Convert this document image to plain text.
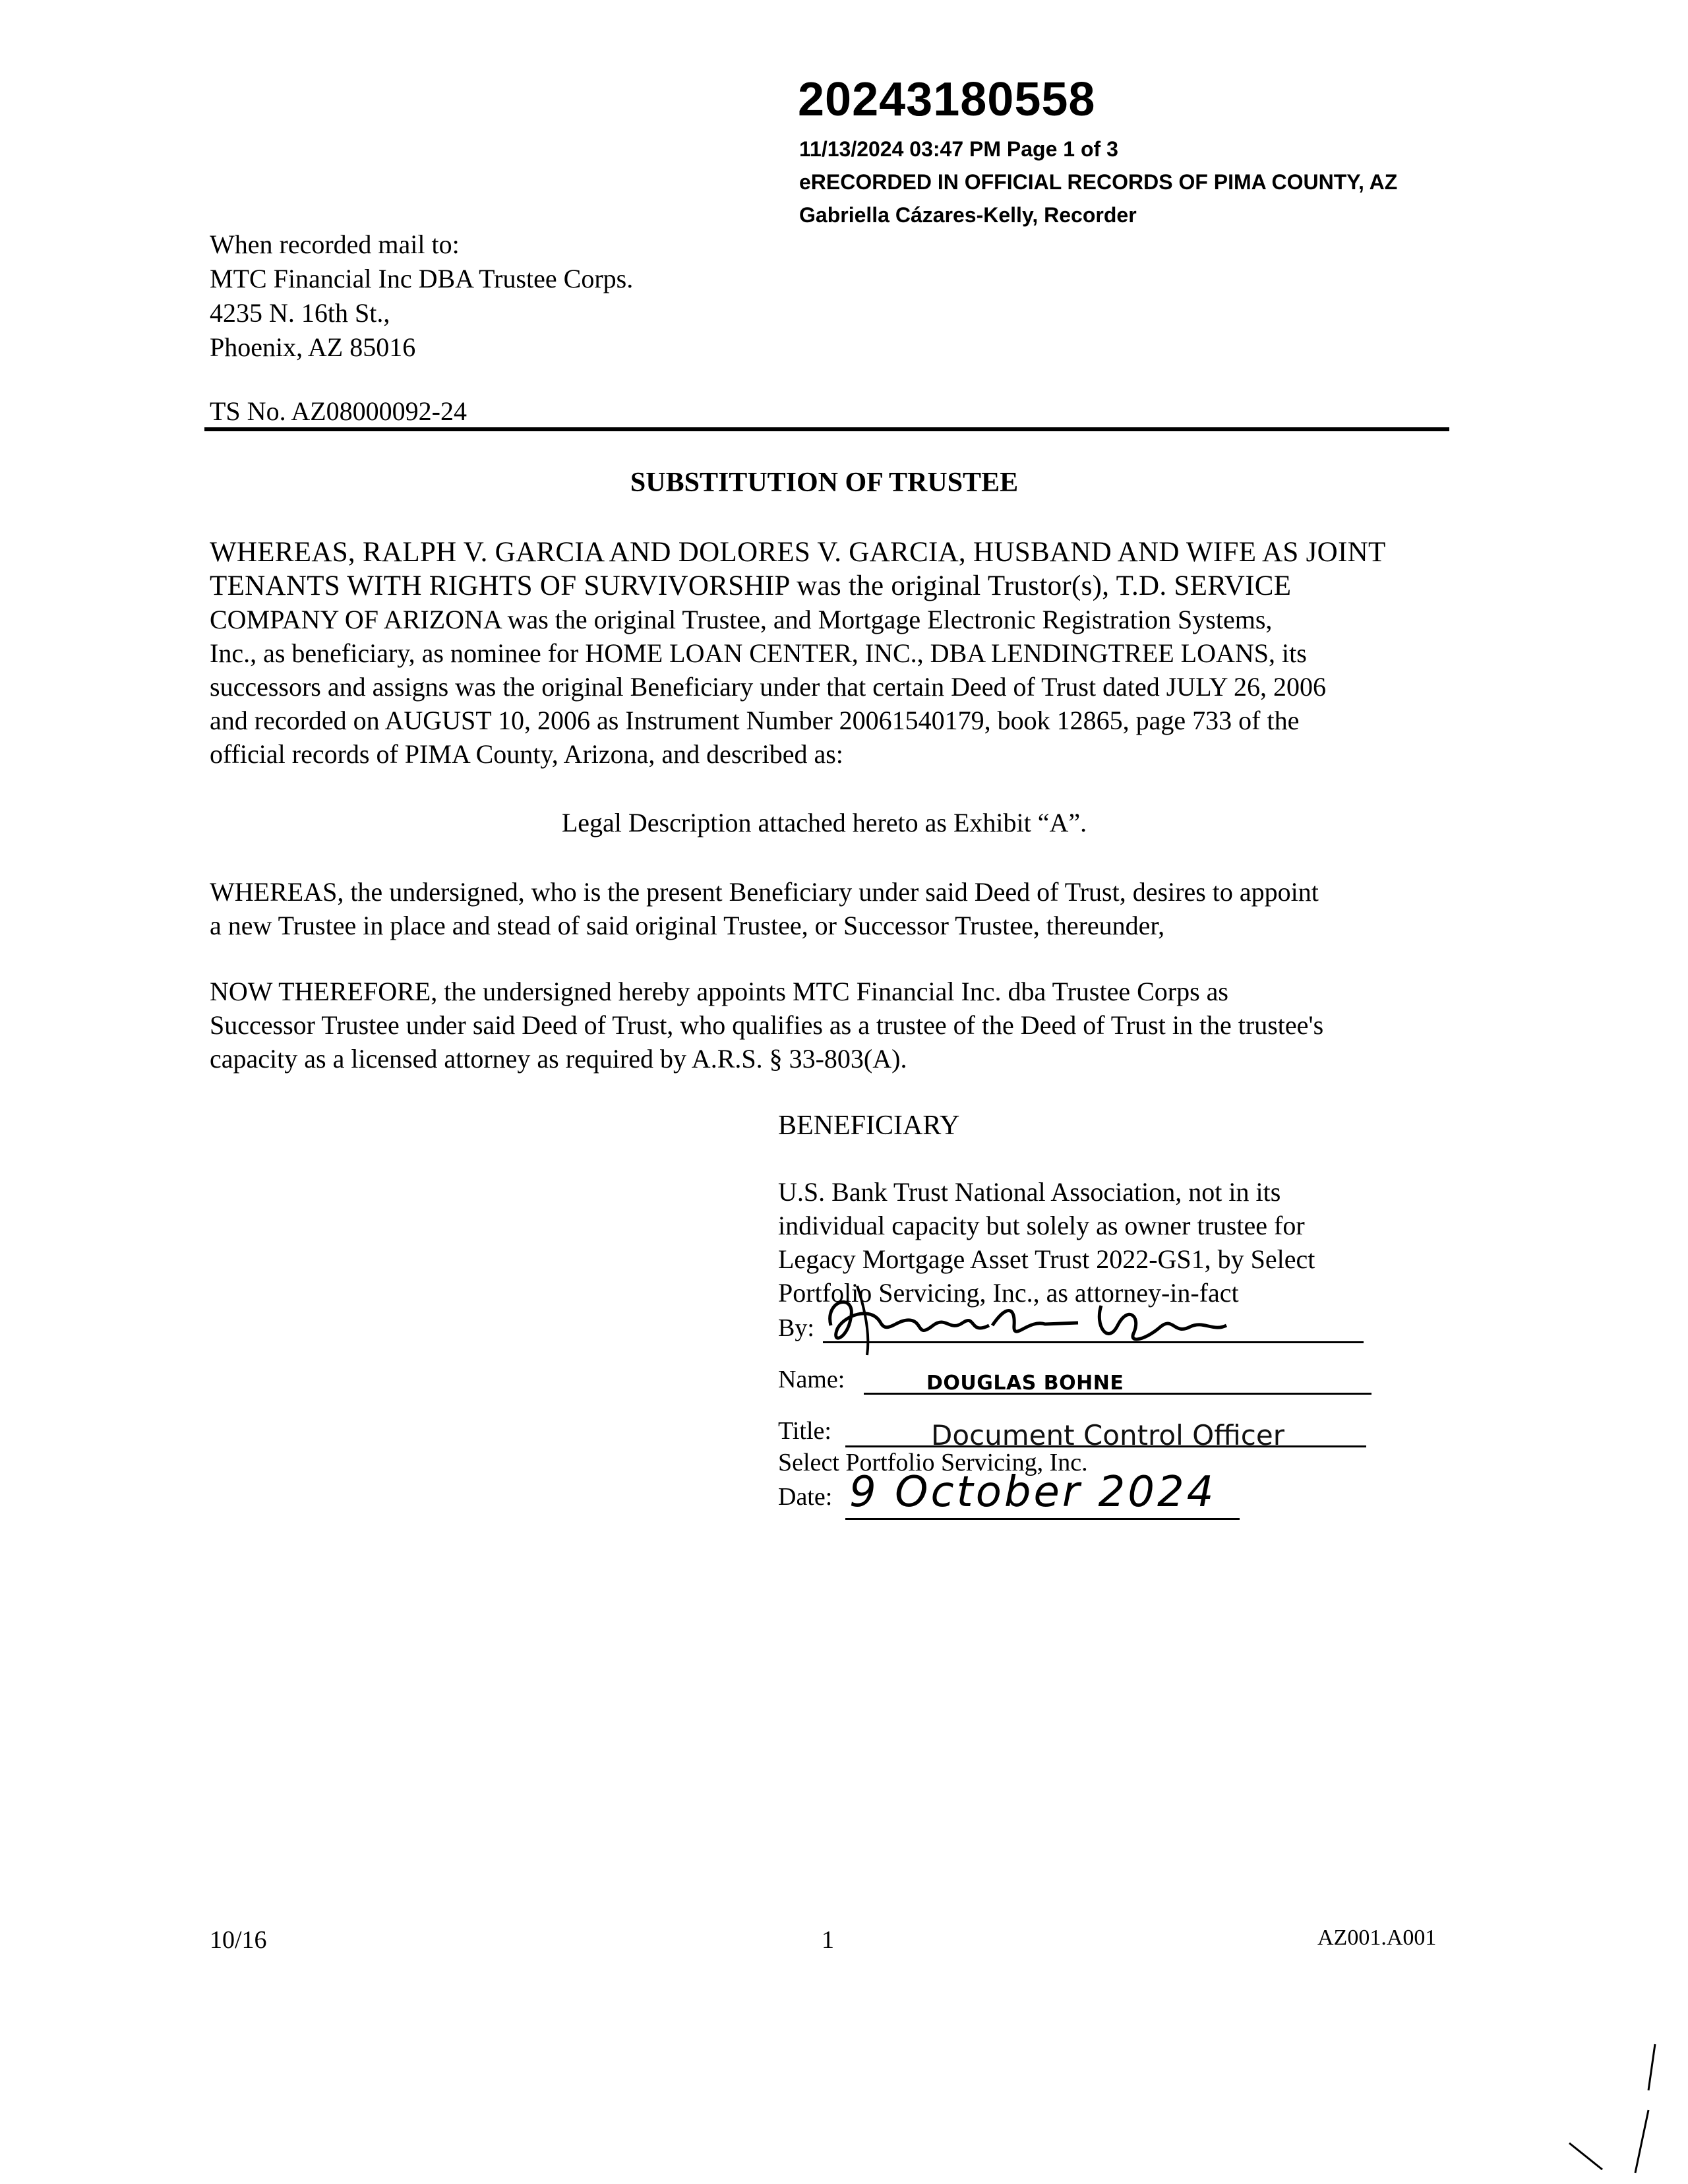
20243180558
11/13/2024 03:47 PM Page 1 of 3
eRECORDED IN OFFICIAL RECORDS OF PIMA COUNTY, AZ
Gabriella Cázares-Kelly, Recorder
When recorded mail to:
MTC Financial Inc DBA Trustee Corps.
4235 N. 16th St.,
Phoenix, AZ 85016
TS No. AZ08000092-24
SUBSTITUTION OF TRUSTEE
WHEREAS, RALPH V. GARCIA AND DOLORES V. GARCIA, HUSBAND AND WIFE AS JOINT
TENANTS WITH RIGHTS OF SURVIVORSHIP was the original Trustor(s), T.D. SERVICE
COMPANY OF ARIZONA was the original Trustee, and Mortgage Electronic Registration Systems,
Inc., as beneficiary, as nominee for HOME LOAN CENTER, INC., DBA LENDINGTREE LOANS, its
successors and assigns was the original Beneficiary under that certain Deed of Trust dated JULY 26, 2006
and recorded on AUGUST 10, 2006 as Instrument Number 20061540179, book 12865, page 733 of the
official records of PIMA County, Arizona, and described as:
Legal Description attached hereto as Exhibit “A”.
WHEREAS, the undersigned, who is the present Beneficiary under said Deed of Trust, desires to appoint
a new Trustee in place and stead of said original Trustee, or Successor Trustee, thereunder,
NOW THEREFORE, the undersigned hereby appoints MTC Financial Inc. dba Trustee Corps as
Successor Trustee under said Deed of Trust, who qualifies as a trustee of the Deed of Trust in the trustee's
capacity as a licensed attorney as required by A.R.S. § 33-803(A).
BENEFICIARY
U.S. Bank Trust National Association, not in its
individual capacity but solely as owner trustee for
Legacy Mortgage Asset Trust 2022-GS1, by Select
Portfolio Servicing, Inc., as attorney-in-fact
By:
Name:	DOUGLAS BOHNE
Title:	Document Control Officer
Select Portfolio Servicing, Inc.
Date: 9 October 2024
10/16	1	AZ001.A001
